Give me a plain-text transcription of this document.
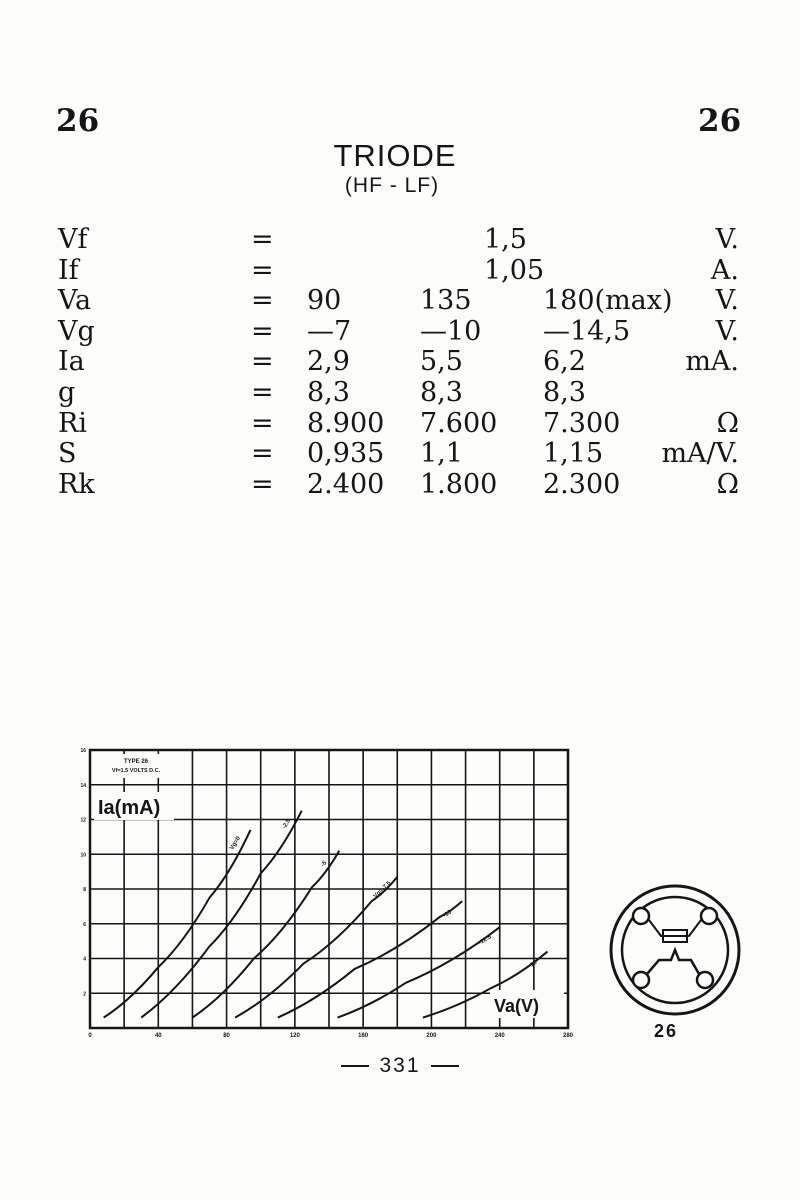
26	26
TRIODE
(HF - LF)
Vf	=	1,5	V.
If	=	1,05	A.
Va	= 90	135	180(max) V.
Vg	= —7	—10 —14,5	V.
Ia	= 2,9	5,5	6,2	mA.
g	= 8,3	8,3	8,3
Ri	= 8.900 7.600 7.300	Ω
S	= 0,935 1,1	1,15 mA/V.
Rk	= 2.400 1.800 2.300	Ω
0	40	80	120	160	200	240	280
2
4
6
8
10
12
14
16
Vg=0
-2.5
-5
Vg=-7.5
-10
-12.5
-15
TYPE 26
Vf=1.5 VOLTS D.C.
Ia(mA)
Va(V)
26
331
